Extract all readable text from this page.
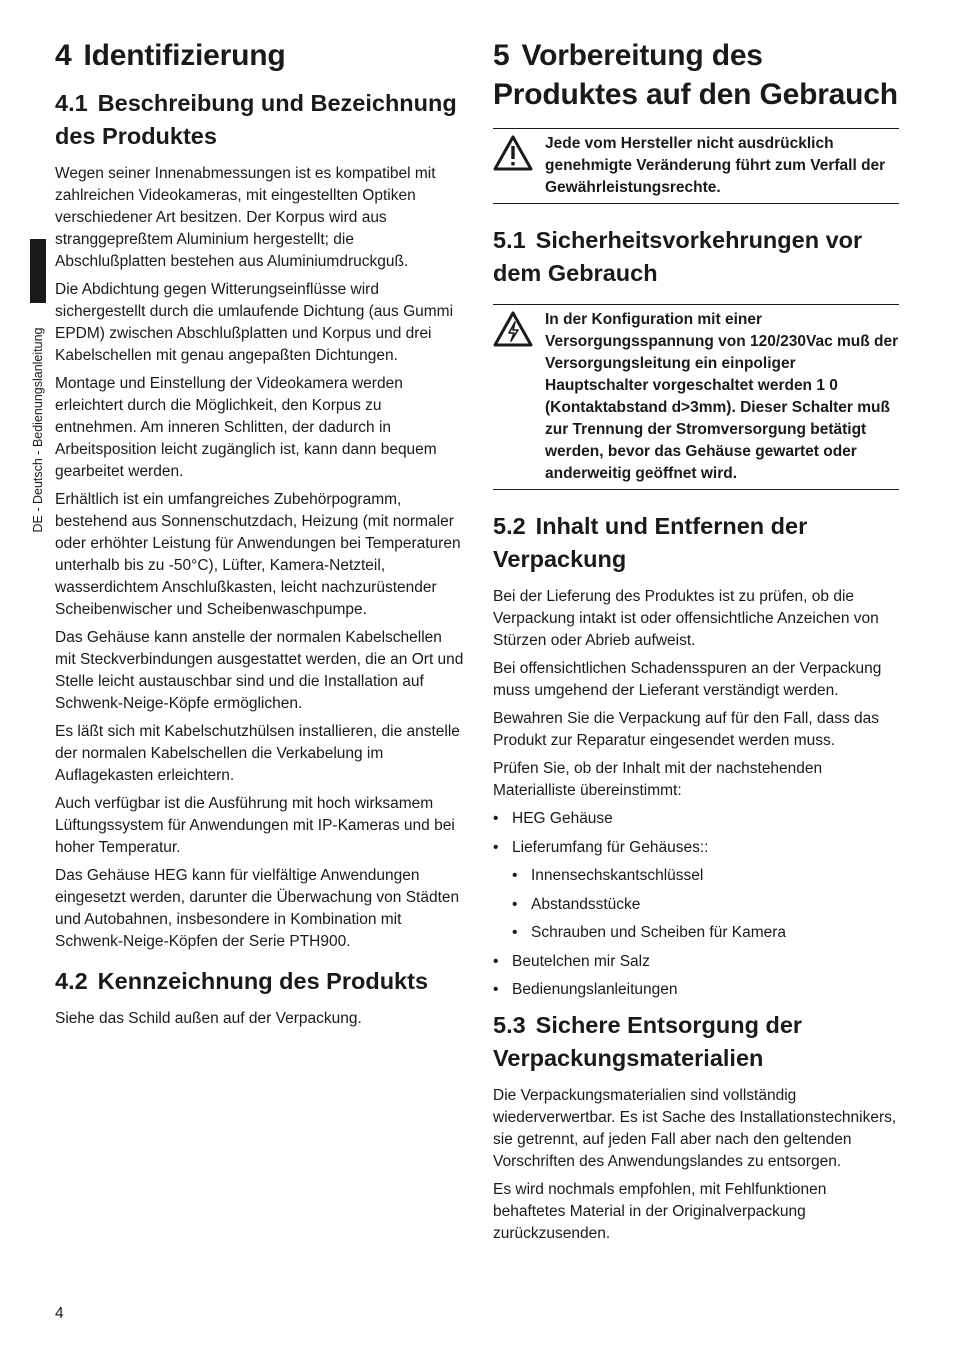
DE - Deutsch - Bedienungslanleitung
4 Identifizierung
4.1 Beschreibung und Bezeichnung des Produktes

Wegen seiner Innenabmessungen ist es kompatibel mit zahlreichen Videokameras, mit eingestellten Optiken verschiedener Art besitzen. Der Korpus wird aus stranggepreßtem Aluminium hergestellt; die Abschlußplatten bestehen aus Aluminiumdruckguß.

Die Abdichtung gegen Witterungseinflüsse wird sichergestellt durch die umlaufende Dichtung (aus Gummi EPDM) zwischen Abschlußplatten und Korpus und drei Kabelschellen mit genau angepaßten Dichtungen.

Montage und Einstellung der Videokamera werden erleichtert durch die Möglichkeit, den Korpus zu entnehmen. Am inneren Schlitten, der dadurch in Arbeitsposition leicht zugänglich ist, kann dann bequem gearbeitet werden.

Erhältlich ist ein umfangreiches Zubehörpogramm, bestehend aus Sonnenschutzdach, Heizung (mit normaler oder erhöhter Leistung für Anwendungen bei Temperaturen unterhalb bis zu -50°C), Lüfter, Kamera-Netzteil, wasserdichtem Anschlußkasten, leicht nachzurüstender Scheibenwischer und Scheibenwaschpumpe.

Das Gehäuse kann anstelle der normalen Kabelschellen mit Steckverbindungen ausgestattet werden, die an Ort und Stelle leicht austauschbar sind und die Installation auf Schwenk-Neige-Köpfe ermöglichen.

Es läßt sich mit Kabelschutzhülsen installieren, die anstelle der normalen Kabelschellen die Verkabelung im Auflagekasten erleichtern.

Auch verfügbar ist die Ausführung mit hoch wirksamem Lüftungssystem für Anwendungen mit IP-Kameras und bei hoher Temperatur.

Das Gehäuse HEG kann für vielfältige Anwendungen eingesetzt werden, darunter die Überwachung von Städten und Autobahnen, insbesondere in Kombination mit Schwenk-Neige-Köpfen der Serie PTH900.

4.2 Kennzeichnung des Produkts

Siehe das Schild außen auf der Verpackung.

5 Vorbereitung des Produktes auf den Gebrauch
Jede vom Hersteller nicht ausdrücklich genehmigte Veränderung führt zum Verfall der Gewährleistungsrechte.
5.1 Sicherheitsvorkehrungen vor dem Gebrauch
In der Konfiguration mit einer Versorgungsspannung von 120/230Vac muß der Versorgungsleitung ein einpoliger Hauptschalter vorgeschaltet werden 1 0 (Kontaktabstand d>3mm). Dieser Schalter muß zur Trennung der Stromversorgung betätigt werden, bevor das Gehäuse gewartet oder anderweitig geöffnet wird.
5.2 Inhalt und Entfernen der Verpackung

Bei der Lieferung des Produktes ist zu prüfen, ob die Verpackung intakt ist oder offensichtliche Anzeichen von Stürzen oder Abrieb aufweist.

Bei offensichtlichen Schadensspuren an der Verpackung muss umgehend der Lieferant verständigt werden.

Bewahren Sie die Verpackung auf für den Fall, dass das Produkt zur Reparatur eingesendet werden muss.

Prüfen Sie, ob der Inhalt mit der nachstehenden Materialliste übereinstimmt:

• HEG Gehäuse
• Lieferumfang für Gehäuses::
• Innensechskantschlüssel
• Abstandsstücke
• Schrauben und Scheiben für Kamera
• Beutelchen mir Salz
• Bedienungslanleitungen
5.3 Sichere Entsorgung der Verpackungsmaterialien

Die Verpackungsmaterialien sind vollständig wiederverwertbar. Es ist Sache des Installationstechnikers, sie getrennt, auf jeden Fall aber nach den geltenden Vorschriften des Anwendungslandes zu entsorgen.

Es wird nochmals empfohlen, mit Fehlfunktionen behaftetes Material in der Originalverpackung zurückzusenden.

4
